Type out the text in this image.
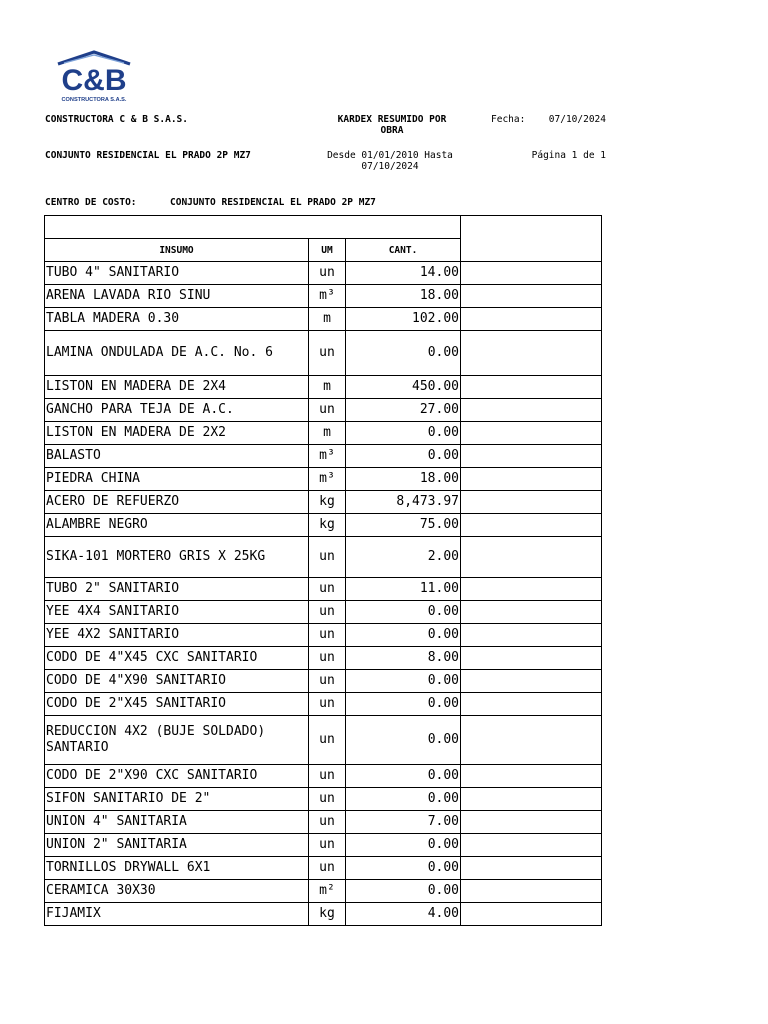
C&B
CONSTRUCTORA S.A.S.
CONSTRUCTORA C & B S.A.S.	KARDEX RESUMIDO POR OBRA
Fecha:	07/10/2024
CONJUNTO RESIDENCIAL EL PRADO 2P MZ7	Desde 01/01/2010 Hasta 07/10/2024
Página 1 de 1
CENTRO DE COSTO:	CONJUNTO RESIDENCIAL EL PRADO 2P MZ7

INSUMO	UM	CANT.	
TUBO 4" SANITARIO	un	14.00	
ARENA LAVADA RIO SINU	m³	18.00	
TABLA MADERA 0.30	m	102.00	
LAMINA ONDULADA DE A.C. No. 6	un	0.00	
LISTON EN MADERA DE 2X4	m	450.00	
GANCHO PARA TEJA DE A.C.	un	27.00	
LISTON EN MADERA DE 2X2	m	0.00	
BALASTO	m³	0.00	
PIEDRA CHINA	m³	18.00	
ACERO DE REFUERZO	kg	8,473.97	
ALAMBRE NEGRO	kg	75.00	
SIKA-101 MORTERO GRIS X 25KG	un	2.00	
TUBO 2" SANITARIO	un	11.00	
YEE 4X4 SANITARIO	un	0.00	
YEE 4X2 SANITARIO	un	0.00	
CODO DE 4"X45 CXC SANITARIO	un	8.00	
CODO DE 4"X90 SANITARIO	un	0.00	
CODO DE 2"X45 SANITARIO	un	0.00	
REDUCCION 4X2 (BUJE SOLDADO) SANTARIO	un	0.00	
CODO DE 2"X90 CXC SANITARIO	un	0.00	
SIFON SANITARIO DE 2"	un	0.00	
UNION 4" SANITARIA	un	7.00	
UNION 2" SANITARIA	un	0.00	
TORNILLOS DRYWALL 6X1	un	0.00	
CERAMICA 30X30	m²	0.00	
FIJAMIX	kg	4.00	
